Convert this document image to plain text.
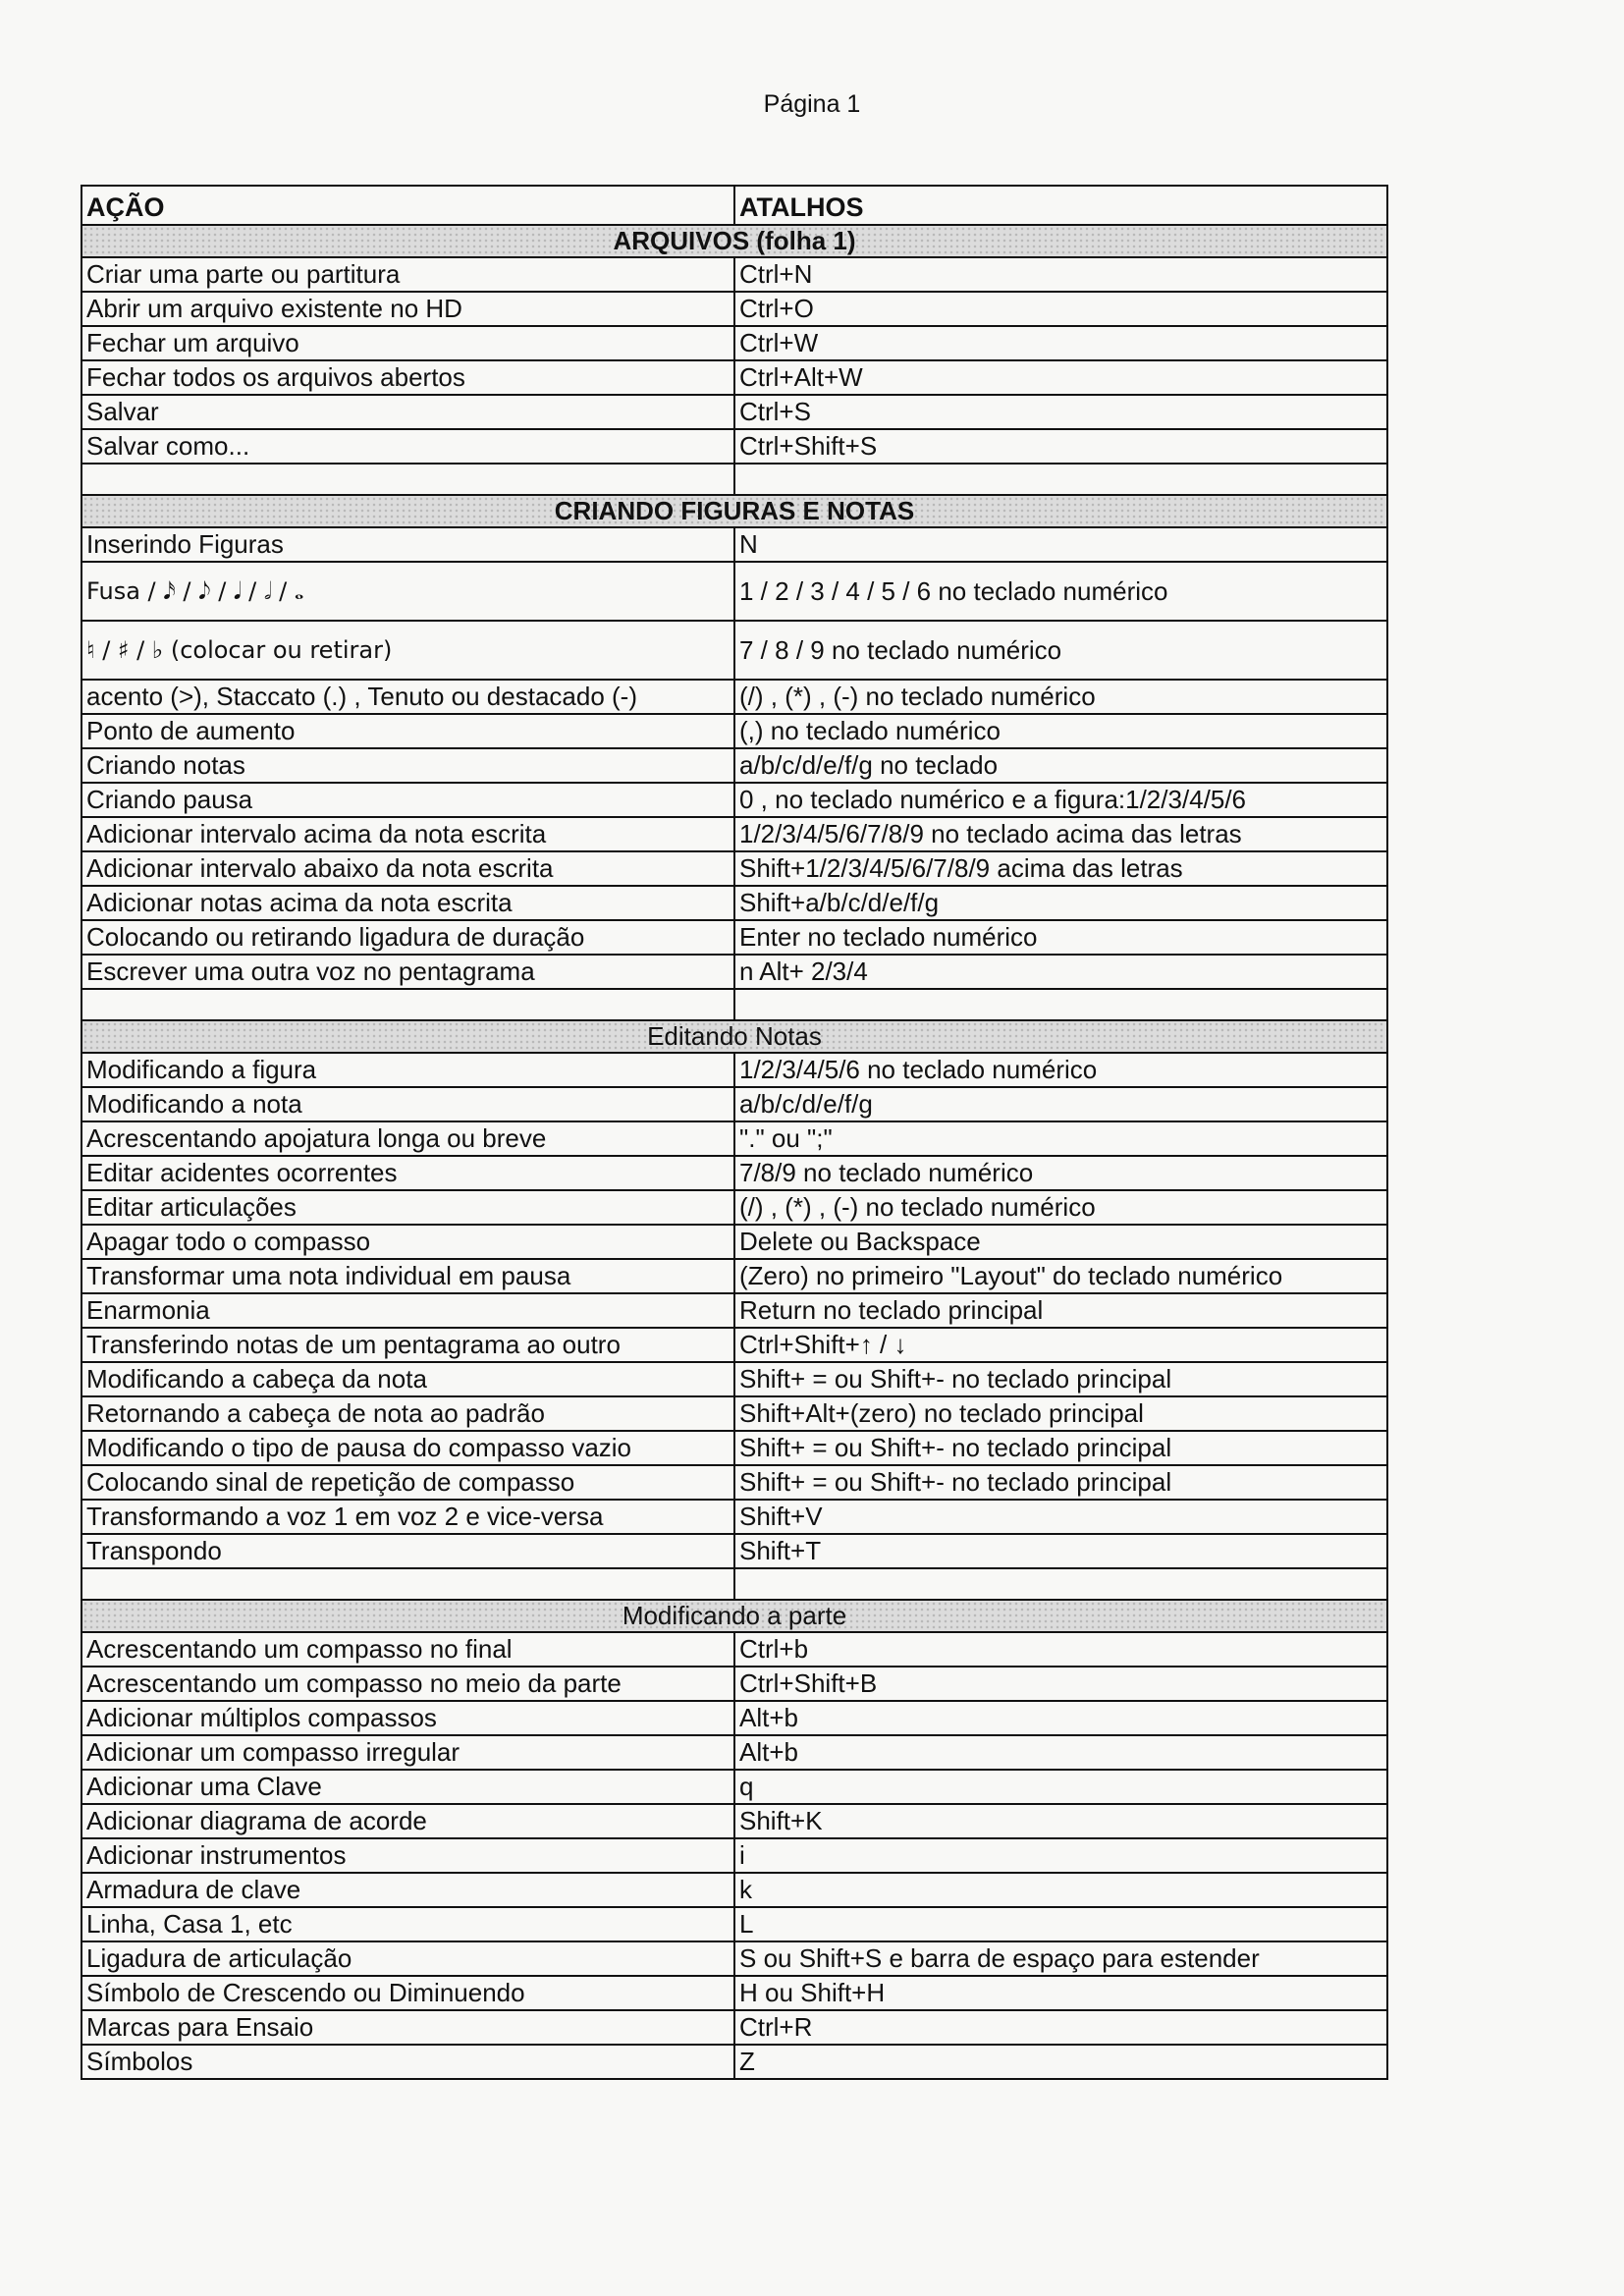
Página 1
AÇÃO	ATALHOS
ARQUIVOS (folha 1)	
Criar uma parte ou partitura	Ctrl+N
Abrir um arquivo existente no HD	Ctrl+O
Fechar um arquivo	Ctrl+W
Fechar todos os arquivos abertos	Ctrl+Alt+W
Salvar	Ctrl+S
Salvar como...	Ctrl+Shift+S

CRIANDO FIGURAS E NOTAS	
Inserindo Figuras	N
Fusa / 𝅘𝅥𝅯 / 𝅘𝅥𝅮 / 𝅘𝅥 / 𝅗𝅥 / 𝅝	1 / 2 / 3 / 4 / 5 / 6 no teclado numérico
♮ / ♯ / ♭ (colocar ou retirar)	7 / 8 / 9 no teclado numérico
acento (>), Staccato (.) , Tenuto ou destacado (-)	(/) , (*) , (-) no teclado numérico
Ponto de aumento	(,) no teclado numérico
Criando notas	a/b/c/d/e/f/g no teclado
Criando pausa	0 , no teclado numérico e a figura:1/2/3/4/5/6
Adicionar intervalo acima da nota escrita	1/2/3/4/5/6/7/8/9 no teclado acima das letras
Adicionar intervalo abaixo da nota escrita	Shift+1/2/3/4/5/6/7/8/9 acima das letras
Adicionar notas acima da nota escrita	Shift+a/b/c/d/e/f/g
Colocando ou retirando ligadura de duração	Enter no teclado numérico
Escrever uma outra voz no pentagrama	n Alt+ 2/3/4

Editando Notas	
Modificando a figura	1/2/3/4/5/6 no teclado numérico
Modificando a nota	a/b/c/d/e/f/g
Acrescentando apojatura longa ou breve	"." ou ";"
Editar acidentes ocorrentes	7/8/9 no teclado numérico
Editar articulações	(/) , (*) , (-) no teclado numérico
Apagar todo o compasso	Delete ou Backspace
Transformar uma nota individual em pausa	(Zero) no primeiro "Layout" do teclado numérico
Enarmonia	Return no teclado principal
Transferindo notas de um pentagrama ao outro	Ctrl+Shift+↑ / ↓
Modificando a cabeça da nota	Shift+ = ou Shift+- no teclado principal
Retornando a cabeça de nota ao padrão	Shift+Alt+(zero) no teclado principal
Modificando o tipo de pausa do compasso vazio	Shift+ = ou Shift+- no teclado principal
Colocando sinal de repetição de compasso	Shift+ = ou Shift+- no teclado principal
Transformando a voz 1 em voz 2 e vice-versa	Shift+V
Transpondo	Shift+T

Modificando a parte	
Acrescentando um compasso no final	Ctrl+b
Acrescentando um compasso no meio da parte	Ctrl+Shift+B
Adicionar múltiplos compassos	Alt+b
Adicionar um compasso irregular	Alt+b
Adicionar uma Clave	q
Adicionar diagrama de acorde	Shift+K
Adicionar instrumentos	i
Armadura de clave	k
Linha, Casa 1, etc	L
Ligadura de articulação	S ou Shift+S e barra de espaço para estender
Símbolo de Crescendo ou Diminuendo	H ou Shift+H
Marcas para Ensaio	Ctrl+R
Símbolos	Z
